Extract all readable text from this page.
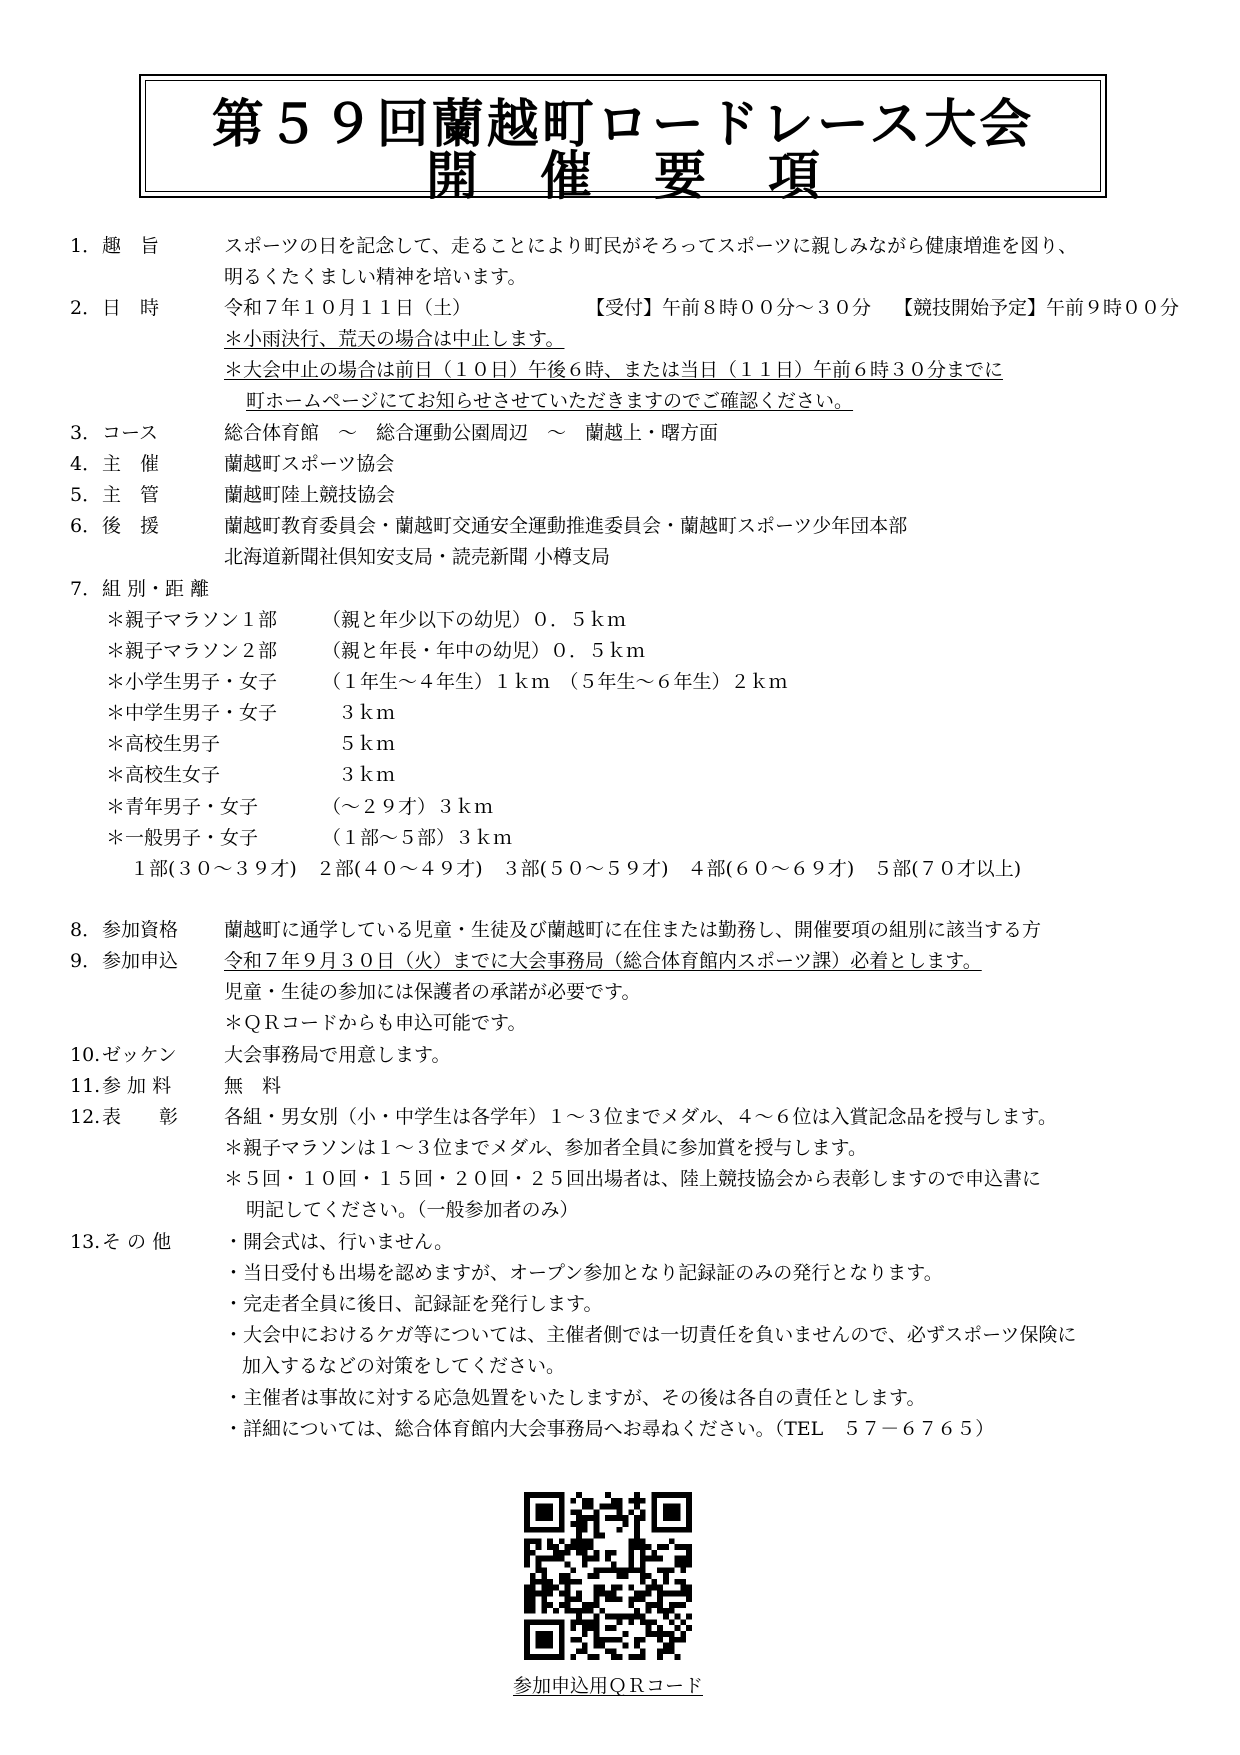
第５９回蘭越町ロードレース大会
開催要項
1． 趣　旨	スポーツの日を記念して、走ることにより町民がそろってスポーツに親しみながら健康増進を図り、
明るくたくましい精神を培います。
2． 日　時	令和７年１０月１１日（土）	【受付】午前８時００分～３０分 【競技開始予定】午前９時００分
＊小雨決行、荒天の場合は中止します。
＊大会中止の場合は前日（１０日）午後６時、または当日（１１日）午前６時３０分までに
町ホームページにてお知らせさせていただきますのでご確認ください。
3． コース	総合体育館　～　総合運動公園周辺　～　蘭越上・曙方面
4． 主　催	蘭越町スポーツ協会
5． 主　管	蘭越町陸上競技協会
6． 後　援	蘭越町教育委員会・蘭越町交通安全運動推進委員会・蘭越町スポーツ少年団本部
北海道新聞社倶知安支局・読売新聞 小樽支局
7． 組 別・距 離
＊親子マラソン１部 （親と年少以下の幼児）０．５ｋｍ
＊親子マラソン２部 （親と年長・年中の幼児）０．５ｋｍ
＊小学生男子・女子 （１年生～４年生）１ｋｍ　（５年生～６年生）２ｋｍ
＊中学生男子・女子	３ｋｍ
＊高校生男子	５ｋｍ
＊高校生女子	３ｋｍ
＊青年男子・女子	（～２９才）３ｋｍ
＊一般男子・女子	（１部～５部）３ｋｍ
１部(３０～３９才)　２部(４０～４９才)　３部(５０～５９才)　４部(６０～６９才)　５部(７０才以上)
8． 参加資格 蘭越町に通学している児童・生徒及び蘭越町に在住または勤務し、開催要項の組別に該当する方
9． 参加申込 令和７年９月３０日（火）までに大会事務局（総合体育館内スポーツ課）必着とします。
児童・生徒の参加には保護者の承諾が必要です。
＊ＱＲコードからも申込可能です。
10. ゼッケン 大会事務局で用意します。
11. 参 加 料	無　料
12. 表　　彰 各組・男女別（小・中学生は各学年）１～３位までメダル、４～６位は入賞記念品を授与します。
＊親子マラソンは１～３位までメダル、参加者全員に参加賞を授与します。
＊５回・１０回・１５回・２０回・２５回出場者は、陸上競技協会から表彰しますので申込書に
明記してください。（一般参加者のみ）
13. そ の 他	・開会式は、行いません。
・当日受付も出場を認めますが、オープン参加となり記録証のみの発行となります。
・完走者全員に後日、記録証を発行します。
・大会中におけるケガ等については、主催者側では一切責任を負いませんので、必ずスポーツ保険に
加入するなどの対策をしてください。
・主催者は事故に対する応急処置をいたしますが、その後は各自の責任とします。
・詳細については、総合体育館内大会事務局へお尋ねください。（TEL　５７－６７６５）
参加申込用ＱＲコード
